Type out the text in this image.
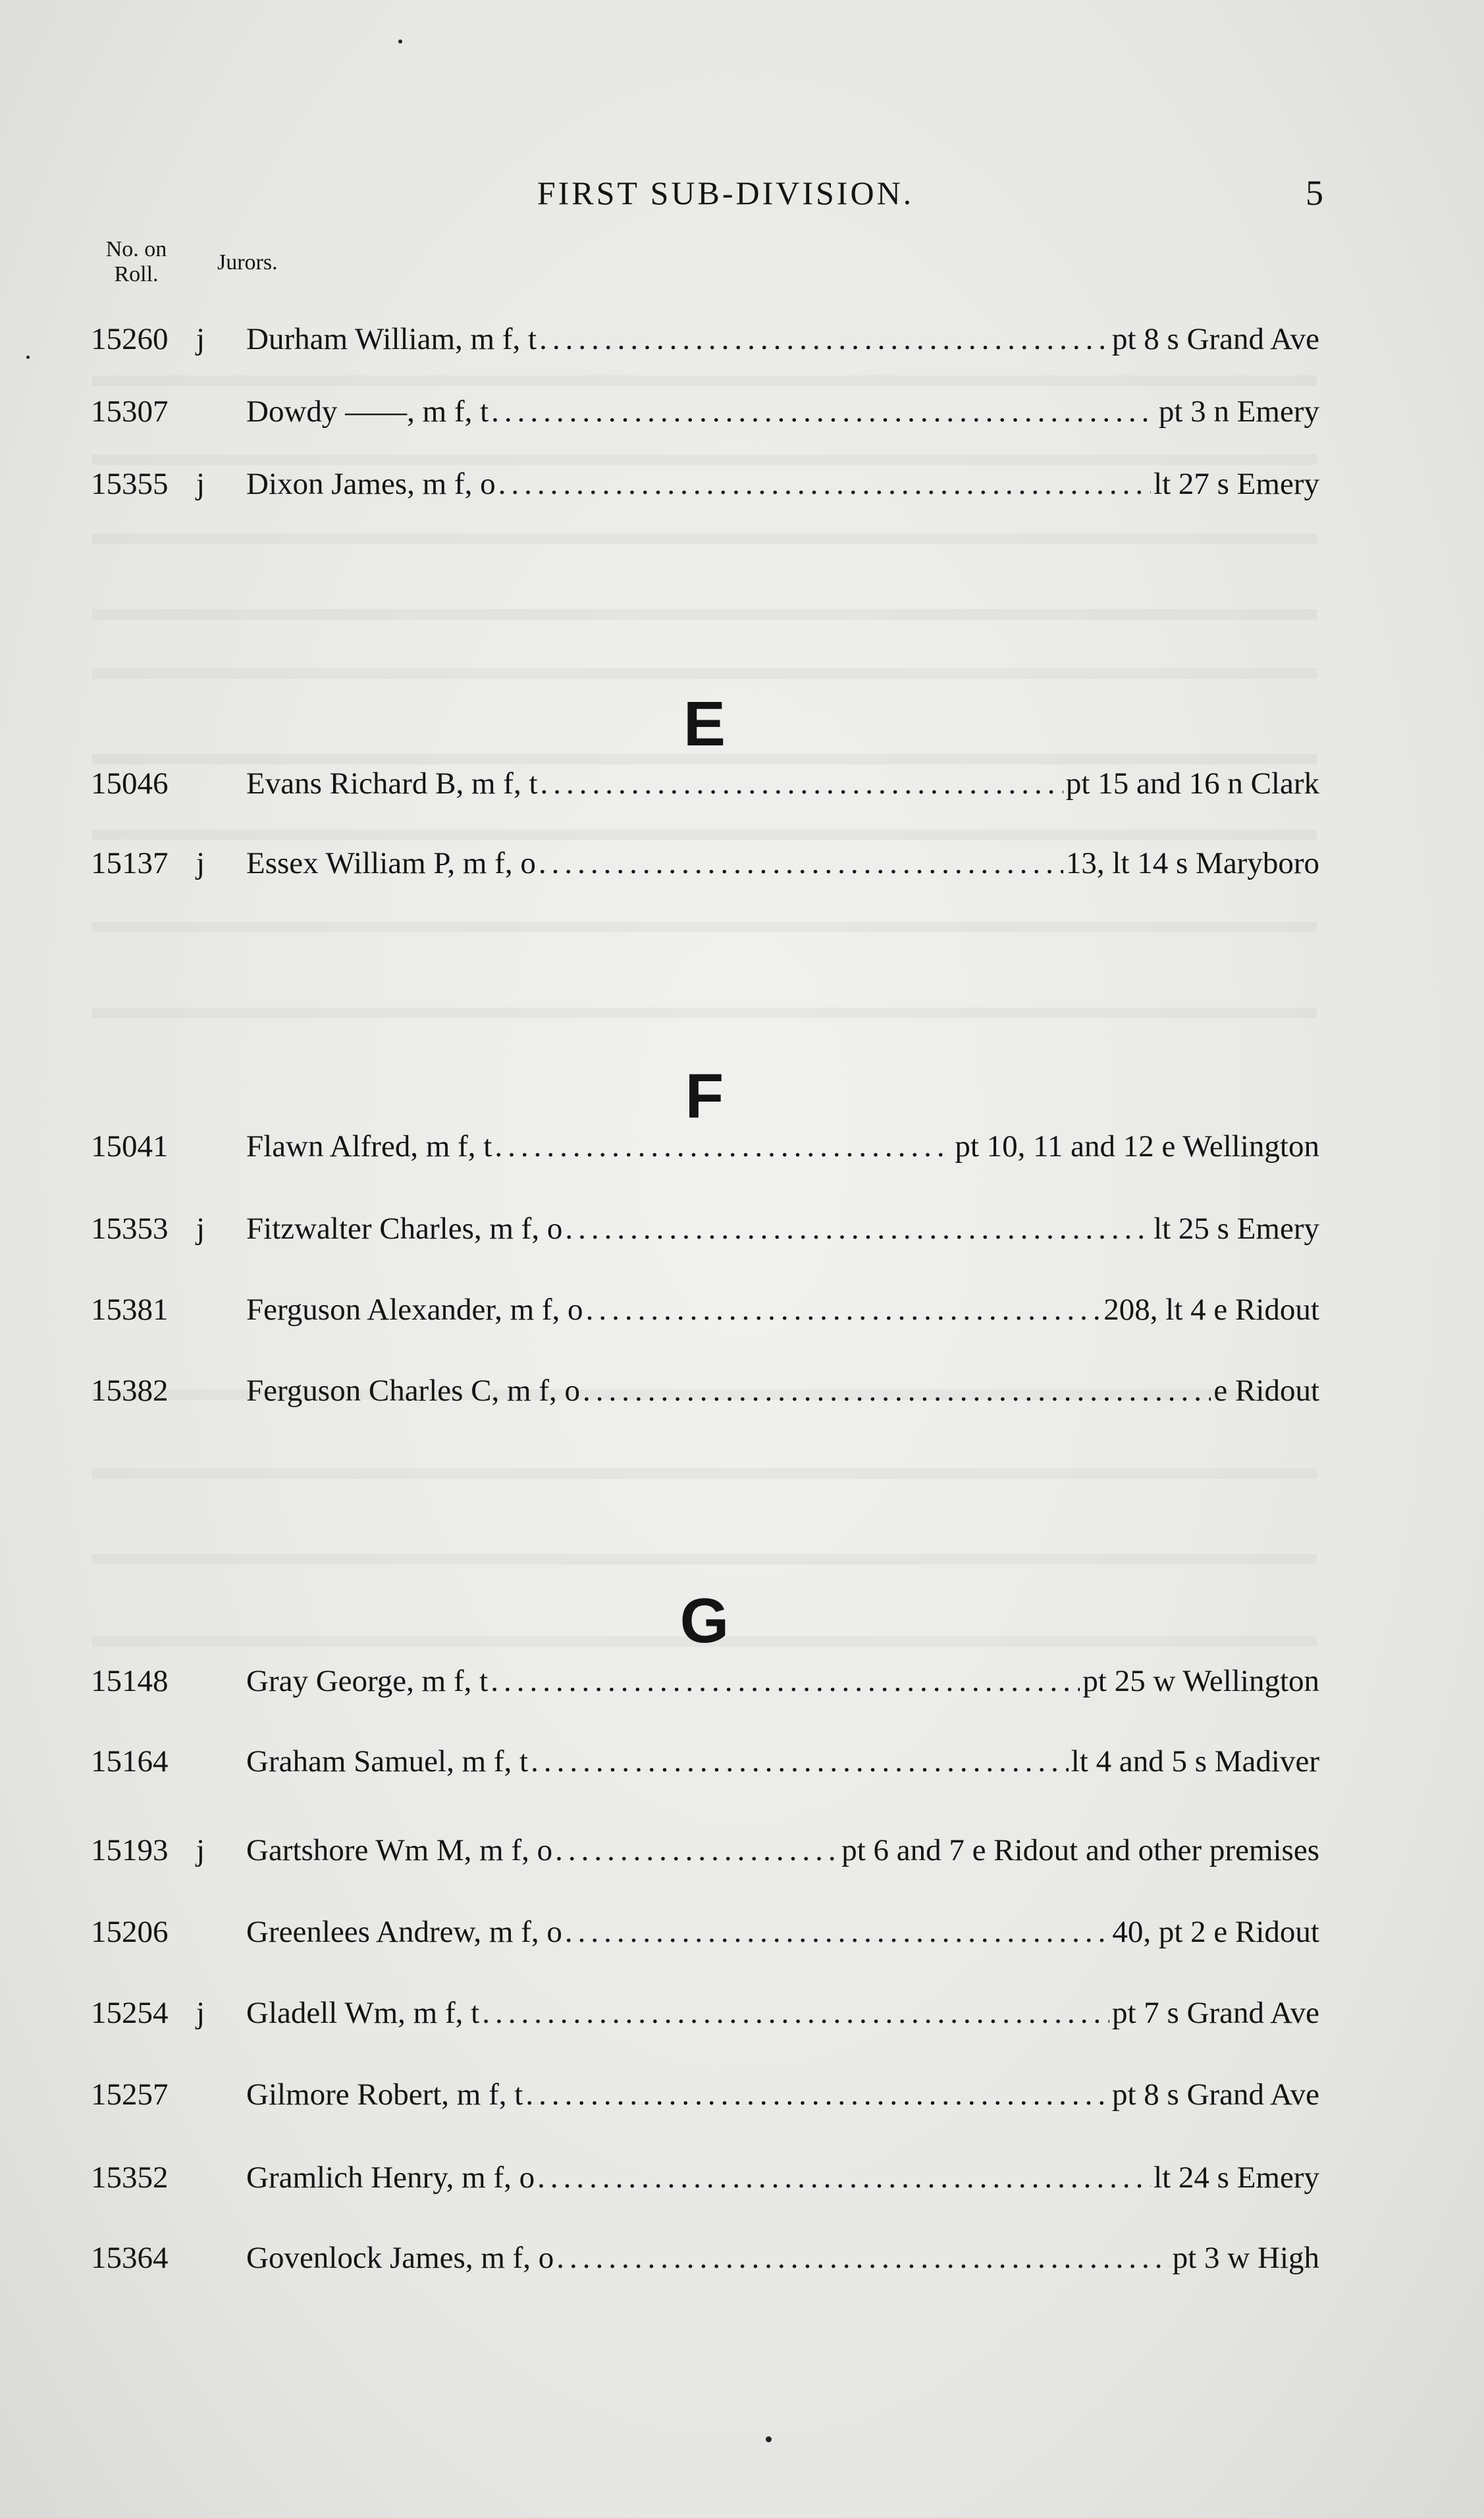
FIRST SUB-DIVISION.	5
No. on
Roll.	Jurors.
15260 j	Durham William, m f, t .....	pt 8 s Grand Ave
15307	Dowdy ——, m f, t .....	pt 3 n Emery
15355 j	Dixon James, m f, o .....	lt 27 s Emery
E
15046	Evans Richard B, m f, t .....	pt 15 and 16 n Clark
15137 j	Essex William P, m f, o .....	13, lt 14 s Maryboro
F
15041	Flawn Alfred, m f, t .....	pt 10, 11 and 12 e Wellington
15353 j	Fitzwalter Charles, m f, o .....	lt 25 s Emery
15381	Ferguson Alexander, m f, o .....	208, lt 4 e Ridout
15382	Ferguson Charles C, m f, o .....	e Ridout
G
15148	Gray George, m f, t .....	pt 25 w Wellington
15164	Graham Samuel, m f, t .....	lt 4 and 5 s Madiver
15193 j	Gartshore Wm M, m f, o .....	pt 6 and 7 e Ridout and other premises
15206	Greenlees Andrew, m f, o .....	40, pt 2 e Ridout
15254 j	Gladell Wm, m f, t .....	pt 7 s Grand Ave
15257	Gilmore Robert, m f, t .....	pt 8 s Grand Ave
15352	Gramlich Henry, m f, o .....	lt 24 s Emery
15364	Govenlock James, m f, o .....	pt 3 w High
